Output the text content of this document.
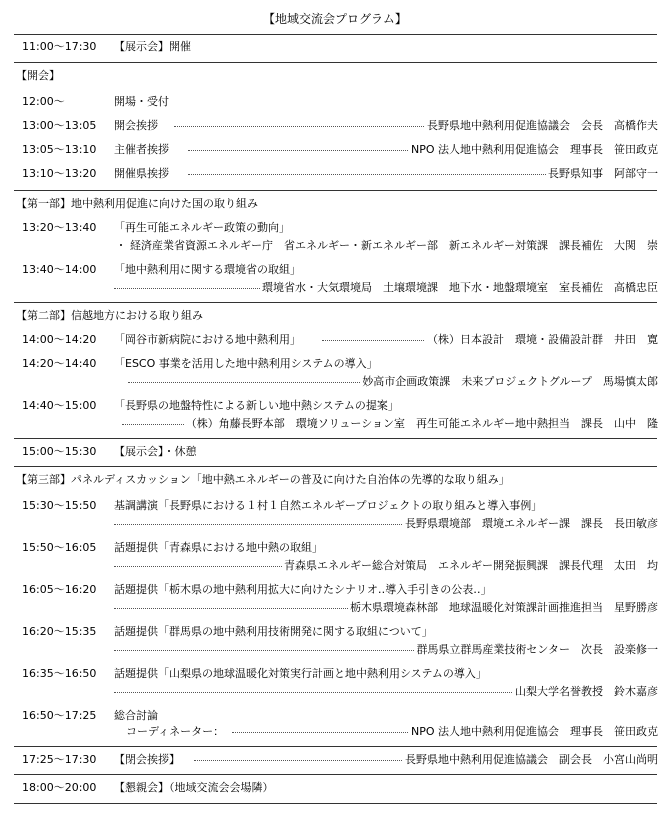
【地域交流会プログラム】
11:00〜17:30 【展示会】開催
【開会】
12:00〜	開場・受付
13:00〜13:05 開会挨拶	長野県地中熱利用促進協議会　会長　高橋作夫
13:05〜13:10 主催者挨拶	NPO 法人地中熱利用促進協会　理事長　笹田政克
13:10〜13:20 開催県挨拶	長野県知事　阿部守一
【第一部】地中熱利用促進に向けた国の取り組み
13:20〜13:40 「再生可能エネルギー政策の動向」
・ 経済産業省資源エネルギー庁　省エネルギー・新エネルギー部　新エネルギー対策課　課長補佐　大関　崇
13:40〜14:00 「地中熱利用に関する環境省の取組」
環境省水・大気環境局　土壌環境課　地下水・地盤環境室　室長補佐　高橋忠臣
【第二部】信越地方における取り組み
14:00〜14:20 「岡谷市新病院における地中熱利用」	（株）日本設計　環境・設備設計群　井田　寛
14:20〜14:40 「ESCO 事業を活用した地中熱利用システムの導入」
妙高市企画政策課　未来プロジェクトグループ　馬場慎太郎
14:40〜15:00 「長野県の地盤特性による新しい地中熱システムの提案」
（株）角藤長野本部　環境ソリューション室　再生可能エネルギー地中熱担当　課長　山中　隆
15:00〜15:30 【展示会】・休憩
【第三部】パネルディスカッション「地中熱エネルギーの普及に向けた自治体の先導的な取り組み」
15:30〜15:50 基調講演「長野県における１村１自然エネルギープロジェクトの取り組みと導入事例」
長野県環境部　環境エネルギー課　課長　長田敏彦
15:50〜16:05 話題提供「青森県における地中熱の取組」
青森県エネルギー総合対策局　エネルギー開発振興課　課長代理　太田　均
16:05〜16:20 話題提供「栃木県の地中熱利用拡大に向けたシナリオ‥導入手引きの公表‥」
栃木県環境森林部　地球温暖化対策課計画推進担当　星野勝彦
16:20〜15:35 話題提供「群馬県の地中熱利用技術開発に関する取組について」
群馬県立群馬産業技術センター　次長　設楽修一
16:35〜16:50 話題提供「山梨県の地球温暖化対策実行計画と地中熱利用システムの導入」
山梨大学名誉教授　鈴木嘉彦
16:50〜17:25 総合討論
コーディネーター：	NPO 法人地中熱利用促進協会　理事長　笹田政克
17:25〜17:30 【閉会挨拶】	長野県地中熱利用促進協議会　副会長　小宮山尚明
18:00〜20:00 【懇親会】（地域交流会会場隣）
